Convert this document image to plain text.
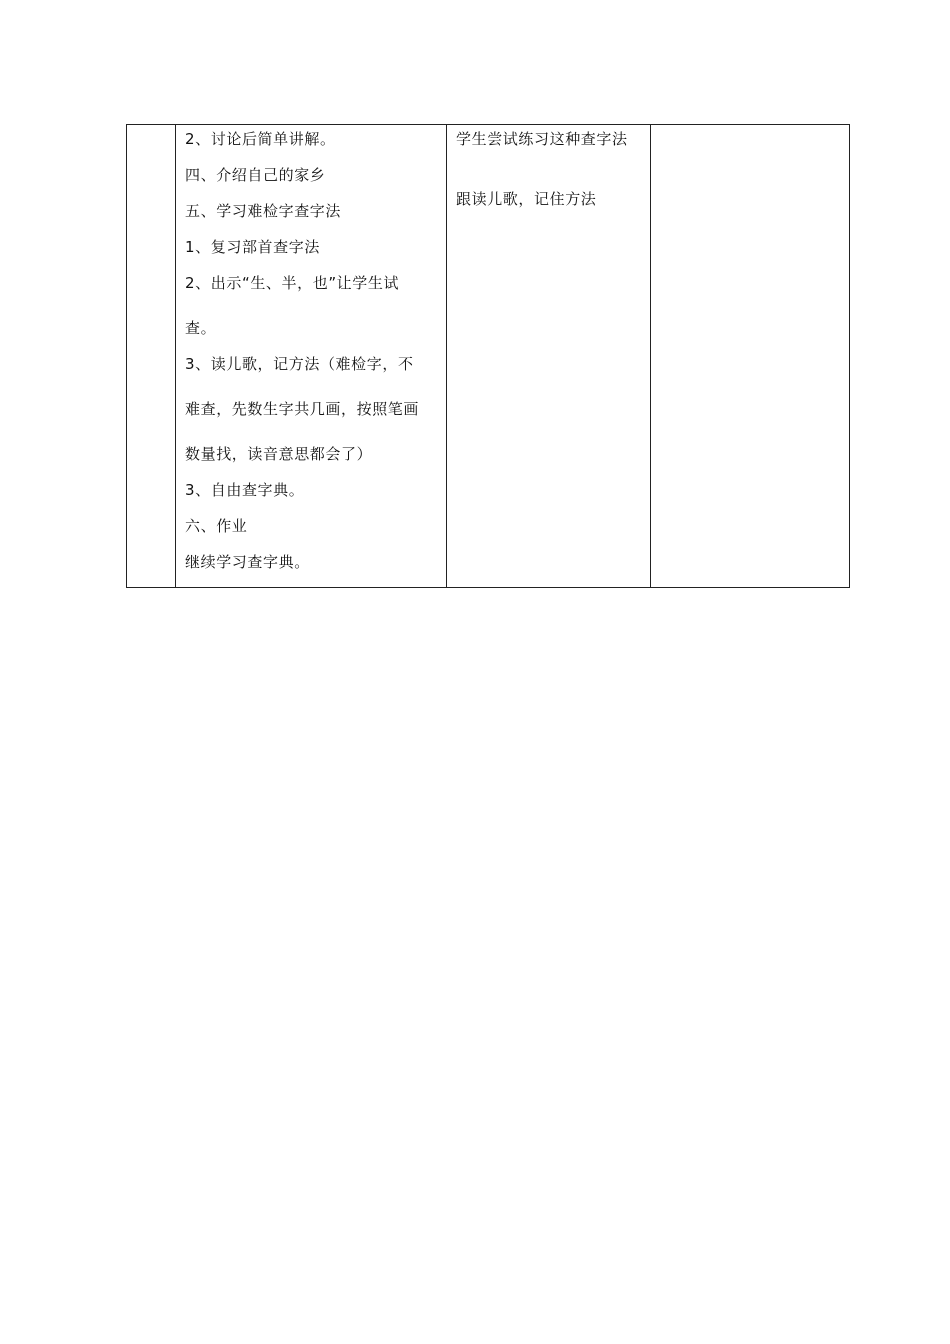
2、讨论后简单讲解。
四、介绍自己的家乡
五、学习难检字查字法
1、复习部首查字法
2、出示“生、半，也”让学生试
查。
3、读儿歌，记方法（难检字，不
难查，先数生字共几画，按照笔画
数量找，读音意思都会了）
3、自由查字典。
六、作业
继续学习查字典。

学生尝试练习这种查字法
跟读儿歌，记住方法
